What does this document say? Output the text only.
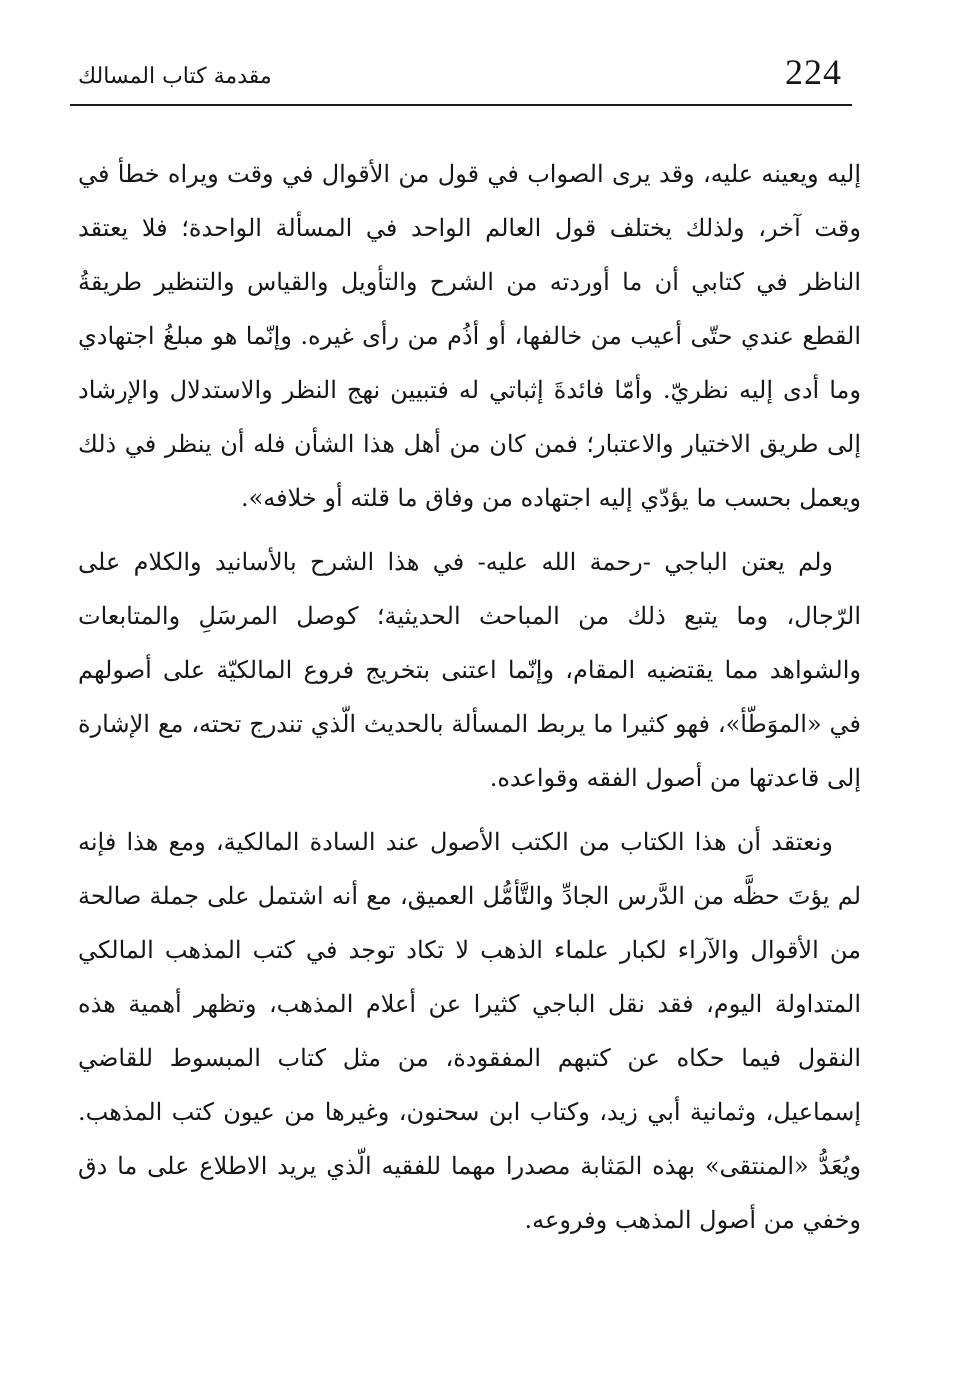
224
مقدمة كتاب المسالك

إليه ويعينه عليه، وقد يرى الصواب في قول من الأقوال في وقت ويراه خطأ في وقت آخر، ولذلك يختلف قول العالم الواحد في المسألة الواحدة؛ فلا يعتقد الناظر في كتابي أن ما أوردته من الشرح والتأويل والقياس والتنظير طريقةُ القطع عندي حتّى أعيب من خالفها، أو أذُم من رأى غيره. وإنّما هو مبلغُ اجتهادي وما أدى إليه نظريّ. وأمّا فائدةَ إثباتي له فتبيين نهج النظر والاستدلال والإرشاد إلى طريق الاختيار والاعتبار؛ فمن كان من أهل هذا الشأن فله أن ينظر في ذلك ويعمل بحسب ما يؤدّي إليه اجتهاده من وفاق ما قلته أو خلافه».

ولم يعتن الباجي -رحمة الله عليه- في هذا الشرح بالأسانيد والكلام على الرّجال، وما يتبع ذلك من المباحث الحديثية؛ كوصل المرسَلِ والمتابعات والشواهد مما يقتضيه المقام، وإنّما اعتنى بتخريج فروع المالكيّة على أصولهم في «الموَطّأ»، فهو كثيرا ما يربط المسألة بالحديث الّذي تندرج تحته، مع الإشارة إلى قاعدتها من أصول الفقه وقواعده.

ونعتقد أن هذا الكتاب من الكتب الأصول عند السادة المالكية، ومع هذا فإنه لم يؤتَ حظَّه من الدَّرس الجادِّ والتَّأمُّل العميق، مع أنه اشتمل على جملة صالحة من الأقوال والآراء لكبار علماء الذهب لا تكاد توجد في كتب المذهب المالكي المتداولة اليوم، فقد نقل الباجي كثيرا عن أعلام المذهب، وتظهر أهمية هذه النقول فيما حكاه عن كتبهم المفقودة، من مثل كتاب المبسوط للقاضي إسماعيل، وثمانية أبي زيد، وكتاب ابن سحنون، وغيرها من عيون كتب المذهب. ويُعَدُّ «المنتقى» بهذه المَثابة مصدرا مهما للفقيه الّذي يريد الاطلاع على ما دق وخفي من أصول المذهب وفروعه.
